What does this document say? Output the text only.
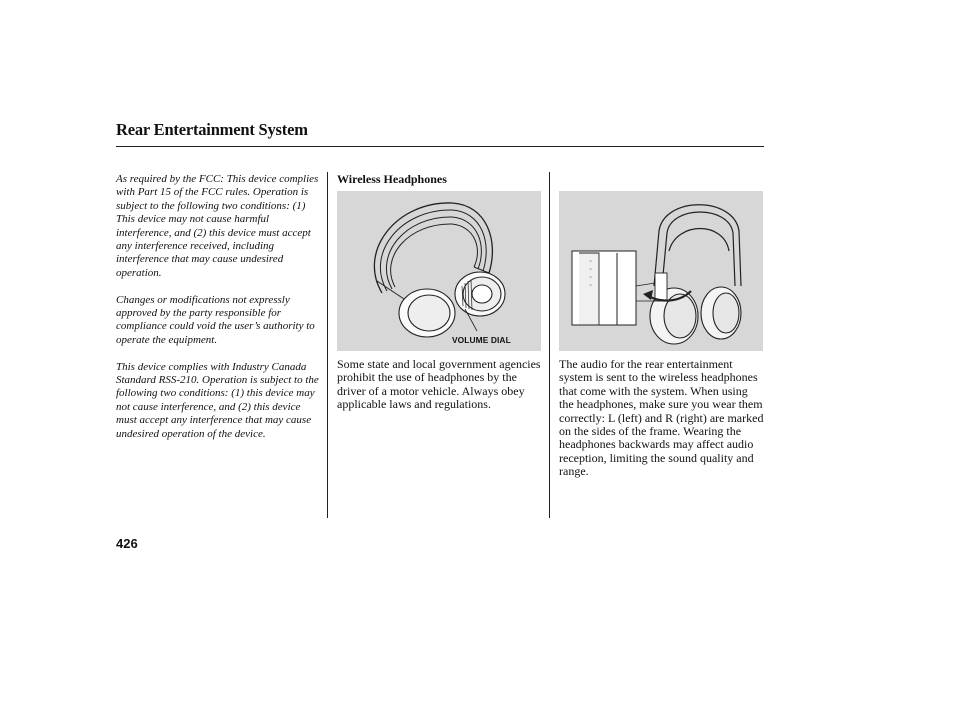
Rear Entertainment System

As required by the FCC: This device complies with Part 15 of the FCC rules. Operation is subject to the following two conditions: (1) This device may not cause harmful interference, and (2) this device must accept any interference received, including interference that may cause undesired operation.

Changes or modifications not expressly approved by the party responsible for compliance could void the user’s authority to operate the equipment.

This device complies with Industry Canada Standard RSS-210. Operation is subject to the following two conditions: (1) this device may not cause interference, and (2) this device must accept any interference that may cause undesired operation of the device.

Wireless Headphones
VOLUME DIAL
Some state and local government agencies prohibit the use of headphones by the driver of a motor vehicle. Always obey applicable laws and regulations.
The audio for the rear entertainment system is sent to the wireless headphones that come with the system. When using the headphones, make sure you wear them correctly: L (left) and R (right) are marked on the sides of the frame. Wearing the headphones backwards may affect audio reception, limiting the sound quality and range.
426
